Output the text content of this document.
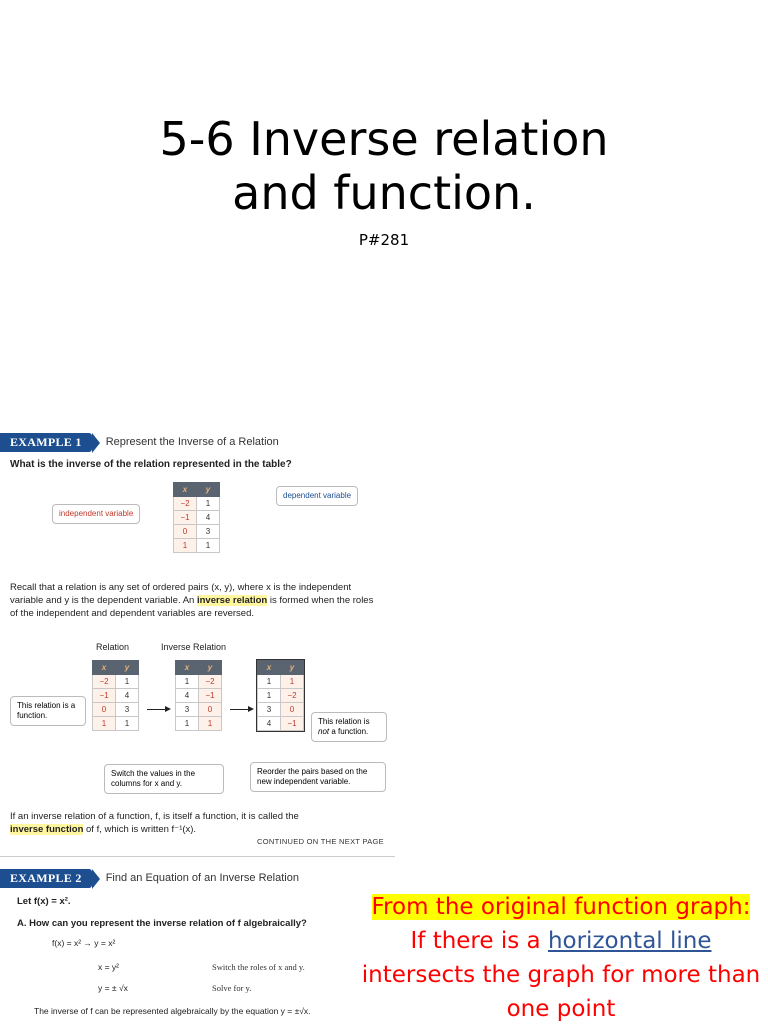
5-6 Inverse relation
and function.
P#281
EXAMPLE 1	Represent the Inverse of a Relation
What is the inverse of the relation represented in the table?
independent variable
x	y
−2	1
−1	4
0	3
1	1
dependent variable
Recall that a relation is any set of ordered pairs (x, y), where x is the independent variable and y is the dependent variable. An inverse relation is formed when the roles of the independent and dependent variables are reversed.
Relation	Inverse Relation
x	y
−2	1
−1	4
0	3
1	1
x	y
1	−2
4	−1
3	0
1	1
x	y
1	1
1	−2
3	0
4	−1
This relation is a function.
This relation is not a function.
Switch the values in the columns for x and y.
Reorder the pairs based on the new independent variable.
If an inverse relation of a function, f, is itself a function, it is called the
inverse function of f, which is written f⁻¹(x).
CONTINUED ON THE NEXT PAGE
EXAMPLE 2	Find an Equation of an Inverse Relation
Let f(x) = x².
A. How can you represent the inverse relation of f algebraically?
f(x) = x² → y = x²
x = y²	Switch the roles of x and y.
y = ± √x	Solve for y.
The inverse of f can be represented algebraically by the equation y = ±√x.
From the original function graph:
If there is a horizontal line
intersects the graph for more than
one point
